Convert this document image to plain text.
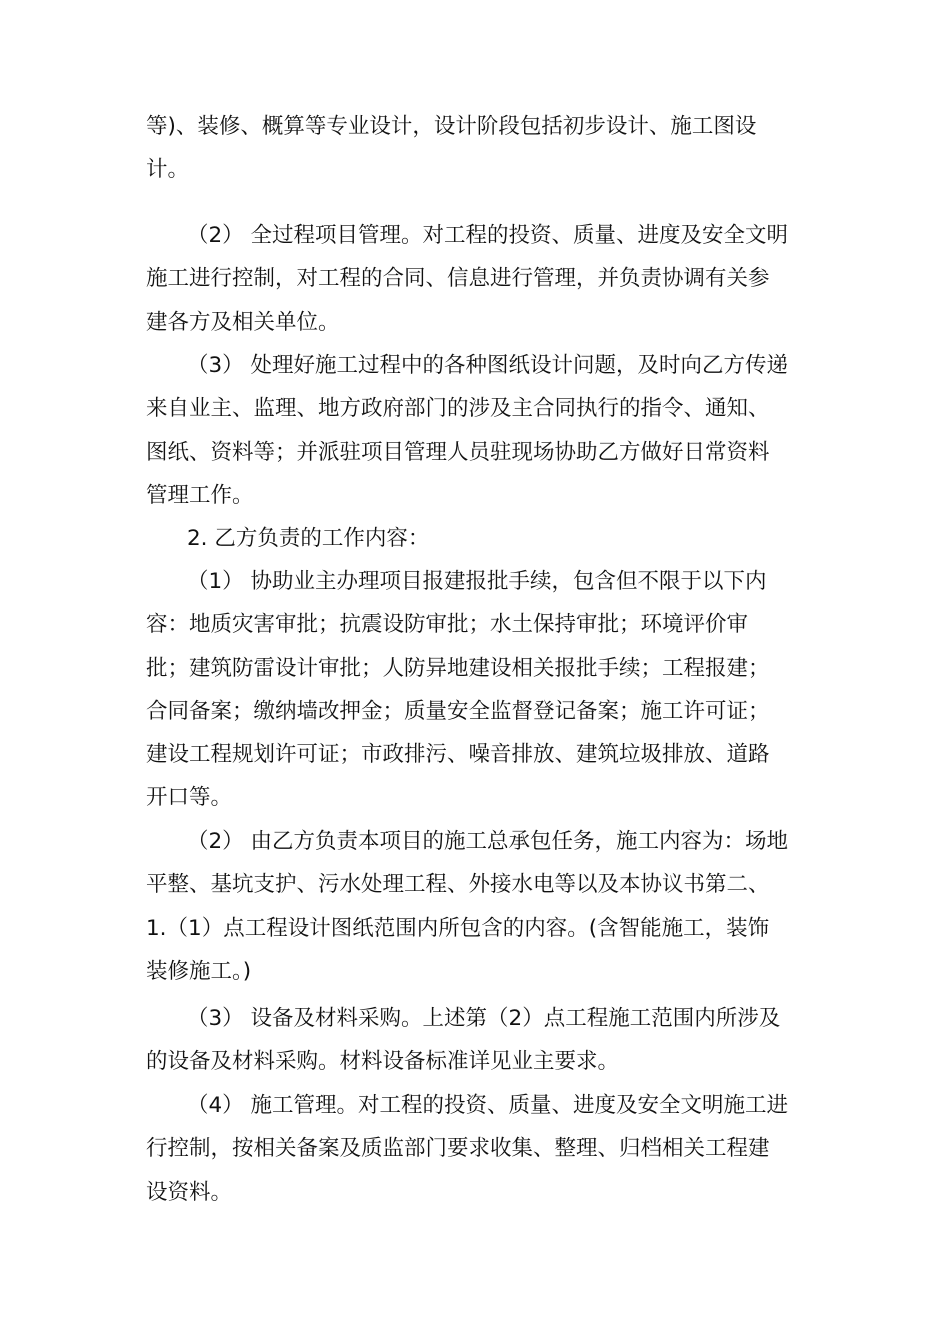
等)、装修、概算等专业设计，设计阶段包括初步设计、施工图设
计。
（2） 全过程项目管理。对工程的投资、质量、进度及安全文明
施工进行控制，对工程的合同、信息进行管理，并负责协调有关参
建各方及相关单位。
（3） 处理好施工过程中的各种图纸设计问题，及时向乙方传递
来自业主、监理、地方政府部门的涉及主合同执行的指令、通知、
图纸、资料等；并派驻项目管理人员驻现场协助乙方做好日常资料
管理工作。
2. 乙方负责的工作内容：
（1） 协助业主办理项目报建报批手续，包含但不限于以下内
容：地质灾害审批；抗震设防审批；水土保持审批；环境评价审
批；建筑防雷设计审批；人防异地建设相关报批手续；工程报建；
合同备案；缴纳墙改押金；质量安全监督登记备案；施工许可证；
建设工程规划许可证；市政排污、噪音排放、建筑垃圾排放、道路
开口等。
（2） 由乙方负责本项目的施工总承包任务，施工内容为：场地
平整、基坑支护、污水处理工程、外接水电等以及本协议书第二、
1.（1）点工程设计图纸范围内所包含的内容。(含智能施工，装饰
装修施工。)
（3） 设备及材料采购。上述第（2）点工程施工范围内所涉及
的设备及材料采购。材料设备标准详见业主要求。
（4） 施工管理。对工程的投资、质量、进度及安全文明施工进
行控制，按相关备案及质监部门要求收集、整理、归档相关工程建
设资料。
